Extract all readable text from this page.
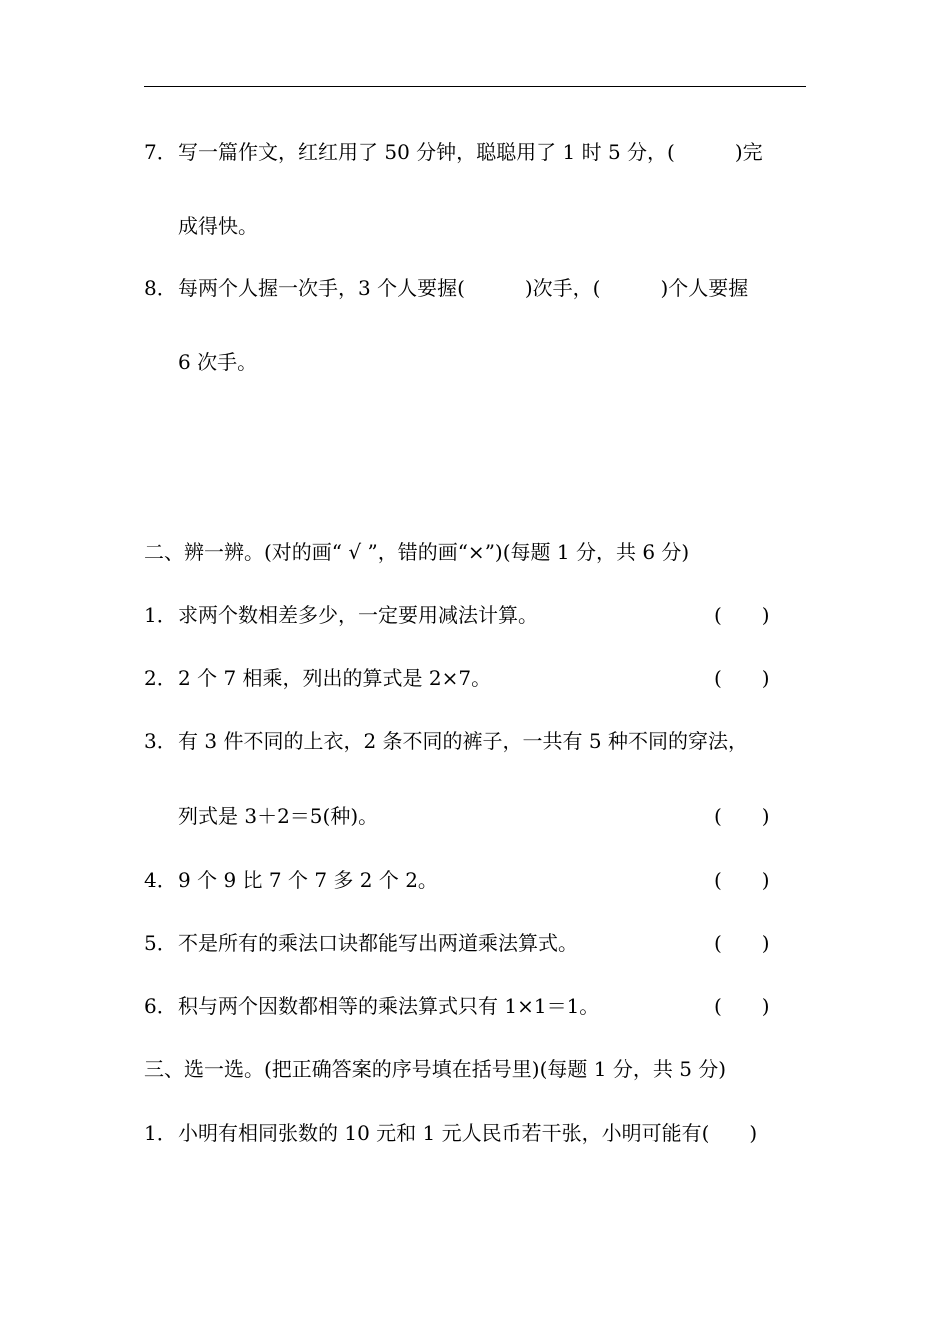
7． 写一篇作文，红红用了 50 分钟，聪聪用了 1 时 5 分，(　　　)完
成得快。
8． 每两个人握一次手，3 个人要握(　　　)次手，(　　　)个人要握
6 次手。
二、辨一辨。(对的画“ √ ”，错的画“×”)(每题 1 分，共 6 分)
1． 求两个数相差多少，一定要用减法计算。	(　　)
2． 2 个 7 相乘，列出的算式是 2×7。	(　　)
3． 有 3 件不同的上衣，2 条不同的裤子，一共有 5 种不同的穿法，
列式是 3＋2＝5(种)。	(　　)
4． 9 个 9 比 7 个 7 多 2 个 2。	(　　)
5． 不是所有的乘法口诀都能写出两道乘法算式。	(　　)
6． 积与两个因数都相等的乘法算式只有 1×1＝1。	(　　)
三、选一选。(把正确答案的序号填在括号里)(每题 1 分，共 5 分)
1． 小明有相同张数的 10 元和 1 元人民币若干张，小明可能有(　　)
